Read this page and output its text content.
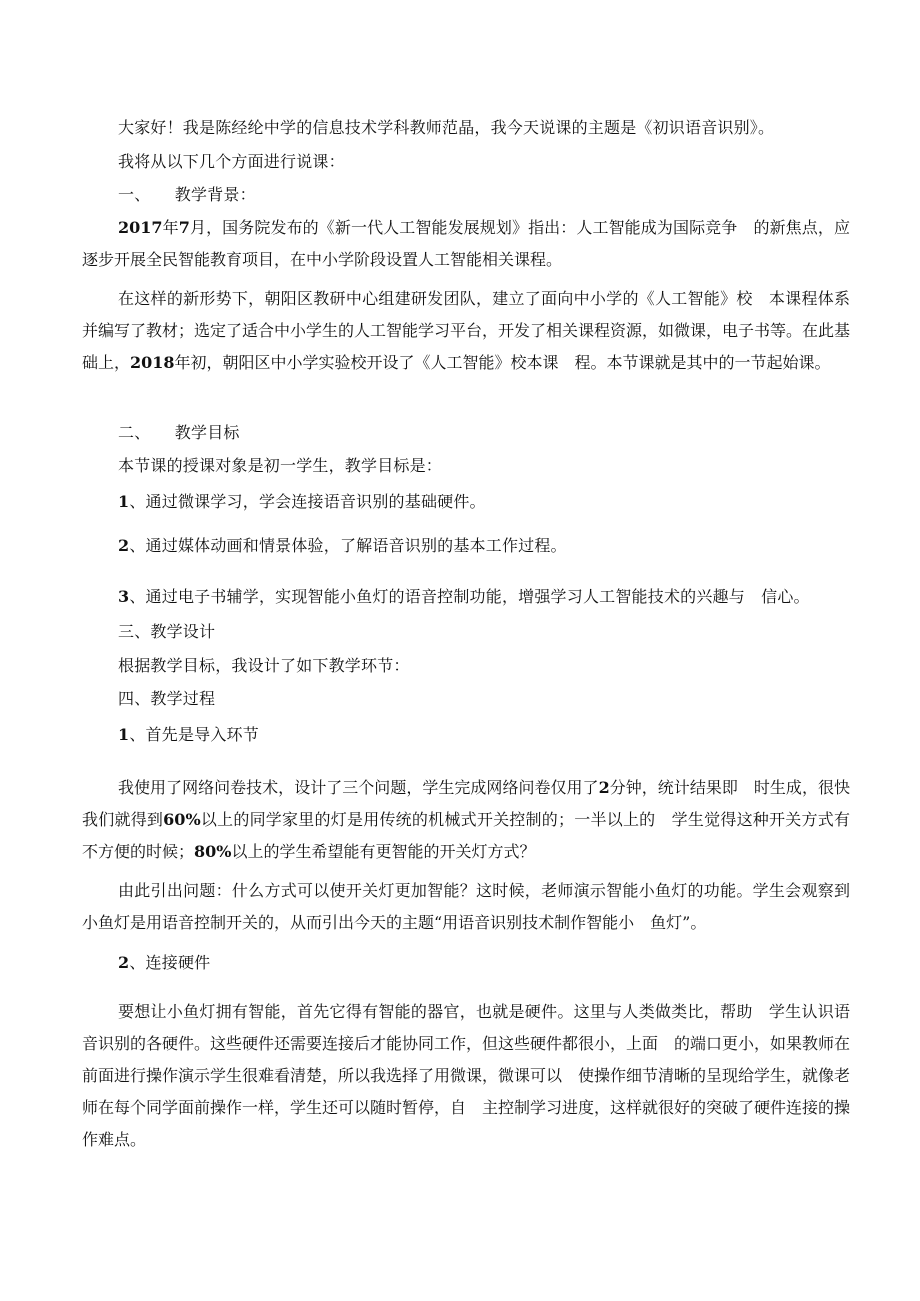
大家好！我是陈经纶中学的信息技术学科教师范晶，我今天说课的主题是《初识语音识别》。
我将从以下几个方面进行说课：
一、　　教学背景：

2017年7月，国务院发布的《新一代人工智能发展规划》指出：人工智能成为国际竞争　的新焦点，应逐步开展全民智能教育项目，在中小学阶段设置人工智能相关课程。

在这样的新形势下，朝阳区教研中心组建研发团队，建立了面向中小学的《人工智能》校　本课程体系并编写了教材；选定了适合中小学生的人工智能学习平台，开发了相关课程资源，如微课，电子书等。在此基础上，2018年初，朝阳区中小学实验校开设了《人工智能》校本课　程。本节课就是其中的一节起始课。

二、　　教学目标
本节课的授课对象是初一学生，教学目标是：
1、通过微课学习，学会连接语音识别的基础硬件。
2、通过媒体动画和情景体验，了解语音识别的基本工作过程。
3、通过电子书辅学，实现智能小鱼灯的语音控制功能，增强学习人工智能技术的兴趣与　信心。
三、教学设计
根据教学目标，我设计了如下教学环节：
四、教学过程
1、首先是导入环节

我使用了网络问卷技术，设计了三个问题，学生完成网络问卷仅用了2分钟，统计结果即　时生成，很快我们就得到60%以上的同学家里的灯是用传统的机械式开关控制的；一半以上的　学生觉得这种开关方式有不方便的时候；80%以上的学生希望能有更智能的开关灯方式？

由此引出问题：什么方式可以使开关灯更加智能？这时候，老师演示智能小鱼灯的功能。学生会观察到小鱼灯是用语音控制开关的，从而引出今天的主题“用语音识别技术制作智能小　鱼灯”。

2、连接硬件

要想让小鱼灯拥有智能，首先它得有智能的器官，也就是硬件。这里与人类做类比，帮助　学生认识语音识别的各硬件。这些硬件还需要连接后才能协同工作，但这些硬件都很小，上面　的端口更小，如果教师在前面进行操作演示学生很难看清楚，所以我选择了用微课，微课可以　使操作细节清晰的呈现给学生，就像老师在每个同学面前操作一样，学生还可以随时暂停，自　主控制学习进度，这样就很好的突破了硬件连接的操作难点。
